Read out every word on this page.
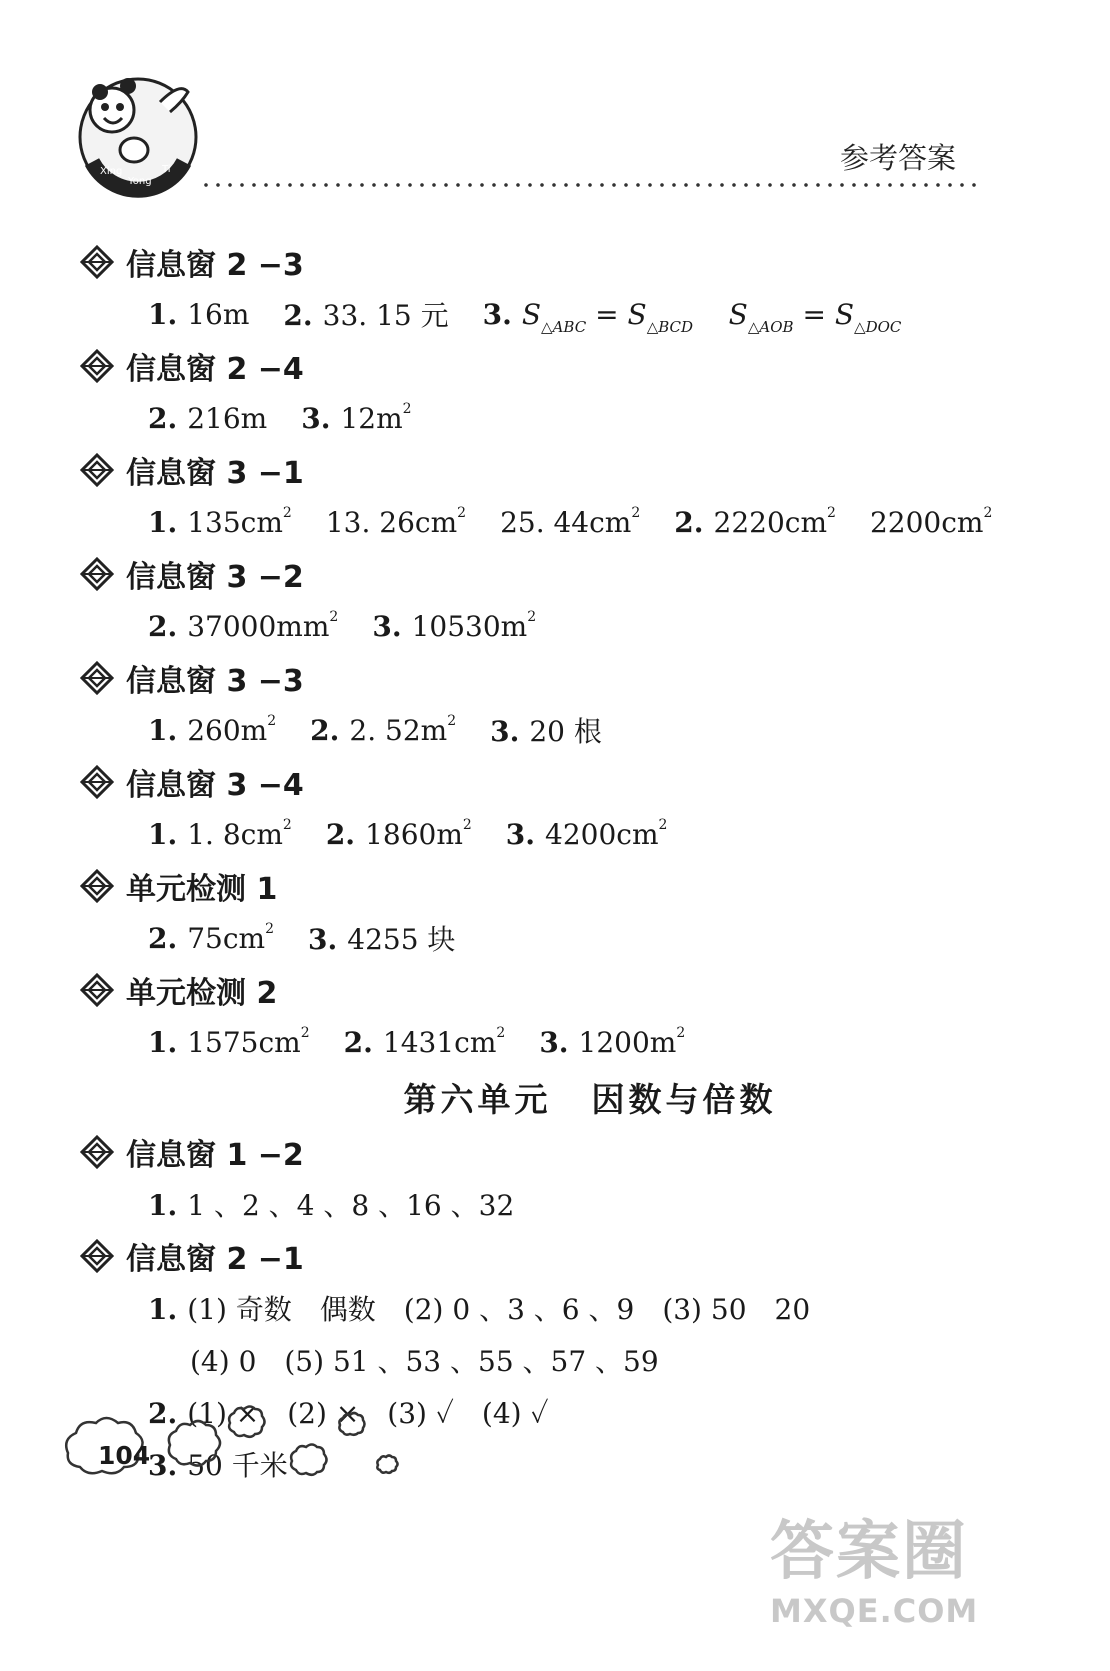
Xing
Yong
Ti	参考答案
信息窗 2 −3
1. 16m 2. 33. 15 元 3. $S_{\triangle ABC} = S_{\triangle BCD}$ $S_{\triangle AOB} = S_{\triangle DOC}$
信息窗 2 −4
2. 216m 3. $12m^2$
信息窗 3 −1
1. $135cm^2$ 13. $26cm^2$ 25. $44cm^2$ 2. $2220cm^2$ $2200cm^2$
信息窗 3 −2
2. $37000mm^2$ 3. $10530m^2$
信息窗 3 −3
1. $260m^2$ 2. 2. $52m^2$ 3. 20 根
信息窗 3 −4
1. 1. $8cm^2$ 2. $1860m^2$ 3. $4200cm^2$
单元检测 1
2. $75cm^2$ 3. 4255 块
单元检测 2
1. $1575cm^2$ 2. $1431cm^2$ 3. $1200m^2$
第六单元 因数与倍数
信息窗 1 −2
1. 1 、2 、4 、8 、16 、32
信息窗 2 −1
1. (1) 奇数　偶数　(2) 0 、3 、6 、9　(3) 50　20
(4) 0　(5) 51 、53 、55 、57 、59
2. (1) ×　(2) ×　(3) ✓　(4) ✓
3. 50 千米
104
答案圈
MXQE.COM
